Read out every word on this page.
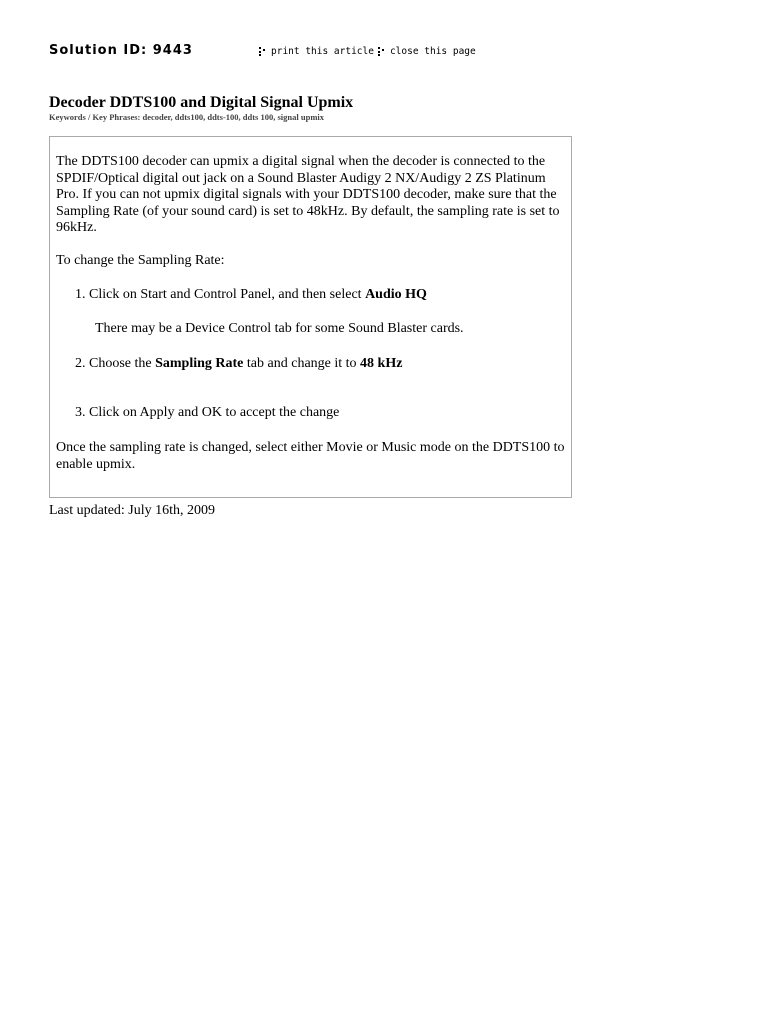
Solution ID: 9443	print this article close this page
Decoder DDTS100 and Digital Signal Upmix
Keywords / Key Phrases: decoder, ddts100, ddts-100, ddts 100, signal upmix

The DDTS100 decoder can upmix a digital signal when the decoder is connected to the SPDIF/Optical digital out jack on a Sound Blaster Audigy 2 NX/Audigy 2 ZS Platinum Pro. If you can not upmix digital signals with your DDTS100 decoder, make sure that the Sampling Rate (of your sound card) is set to 48kHz. By default, the sampling rate is set to 96kHz.

To change the Sampling Rate:

1. Click on Start and Control Panel, and then select Audio HQ

There may be a Device Control tab for some Sound Blaster cards.

2. Choose the Sampling Rate tab and change it to 48 kHz
3. Click on Apply and OK to accept the change

Once the sampling rate is changed, select either Movie or Music mode on the DDTS100 to enable upmix.

Last updated: July 16th, 2009
